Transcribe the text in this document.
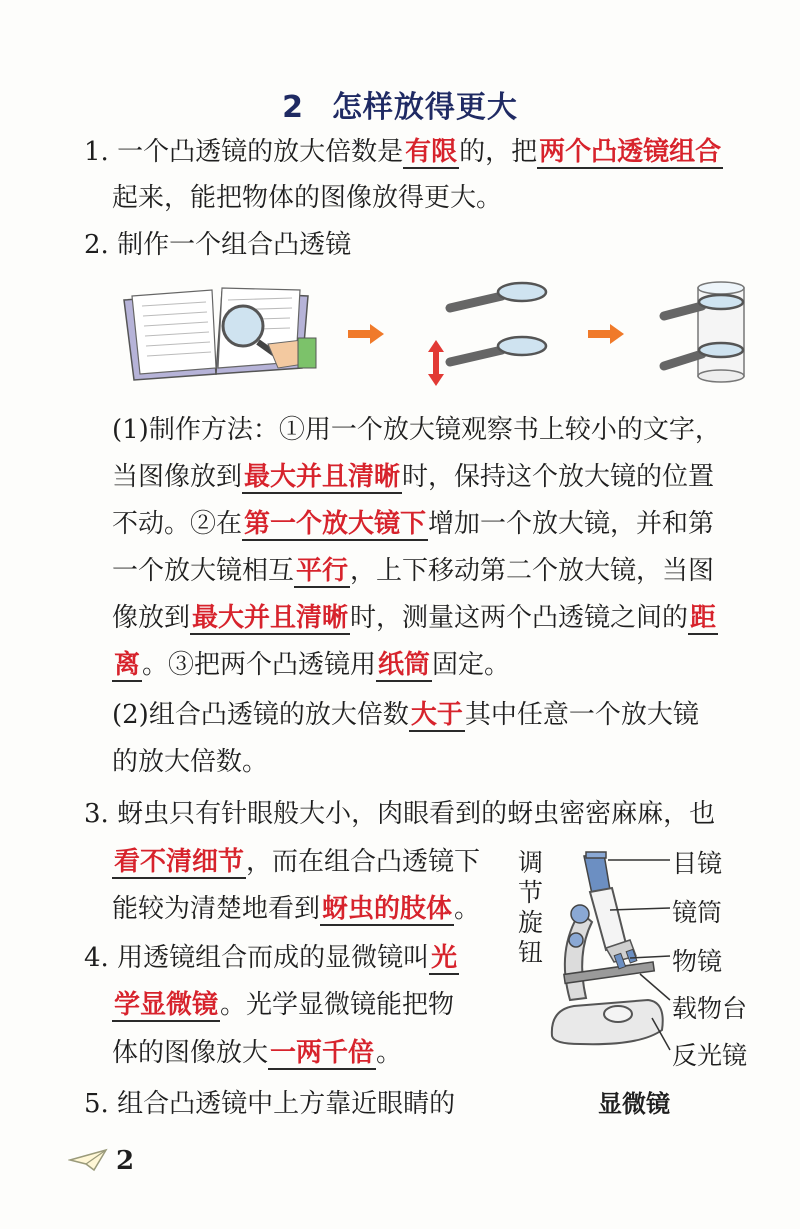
2 怎样放得更大
1. 一个凸透镜的放大倍数是有限的，把两个凸透镜组合
起来，能把物体的图像放得更大。
2. 制作一个组合凸透镜
(1)制作方法：①用一个放大镜观察书上较小的文字，
当图像放到最大并且清晰时，保持这个放大镜的位置
不动。②在第一个放大镜下增加一个放大镜，并和第
一个放大镜相互平行，上下移动第二个放大镜，当图
像放到最大并且清晰时，测量这两个凸透镜之间的距
离。③把两个凸透镜用纸筒固定。
(2)组合凸透镜的放大倍数大于其中任意一个放大镜
的放大倍数。
3. 蚜虫只有针眼般大小，肉眼看到的蚜虫密密麻麻，也
看不清细节，而在组合凸透镜下
能较为清楚地看到蚜虫的肢体。
4. 用透镜组合而成的显微镜叫光
学显微镜。光学显微镜能把物
体的图像放大一两千倍。
5. 组合凸透镜中上方靠近眼睛的
调
节
旋
钮
目镜
镜筒
物镜
载物台
反光镜
显微镜
2
